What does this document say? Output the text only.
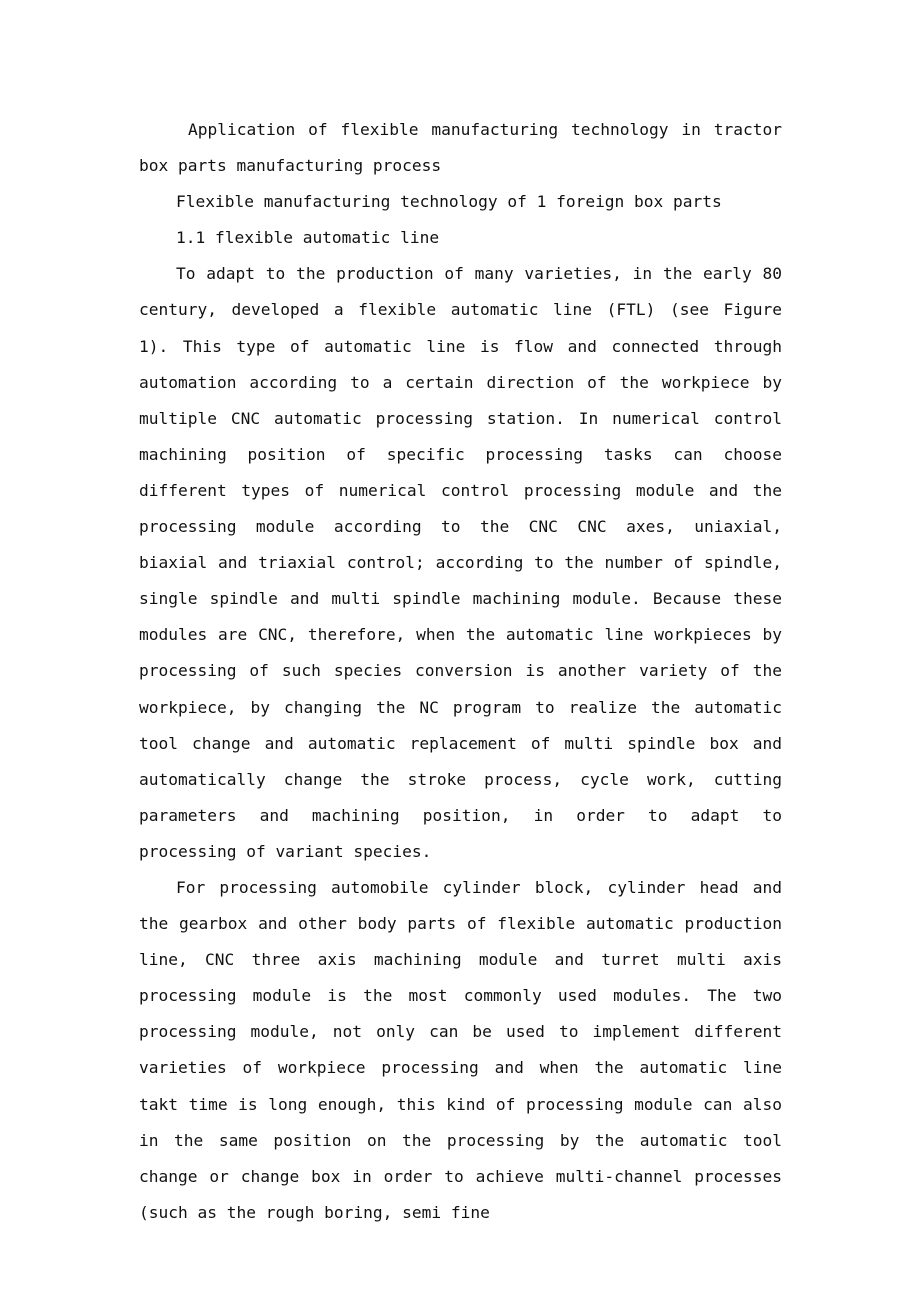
Application of flexible manufacturing technology in tractor box parts manufacturing process

Flexible manufacturing technology of 1 foreign box parts

1.1 flexible automatic line

To adapt to the production of many varieties, in the early 80 century, developed a flexible automatic line (FTL) (see Figure 1). This type of automatic line is flow and connected through automation according to a certain direction of the workpiece by multiple CNC automatic processing station. In numerical control machining position of specific processing tasks can choose different types of numerical control processing module and the processing module according to the CNC CNC axes, uniaxial, biaxial and triaxial control; according to the number of spindle, single spindle and multi spindle machining module. Because these modules are CNC, therefore, when the automatic line workpieces by processing of such species conversion is another variety of the workpiece, by changing the NC program to realize the automatic tool change and automatic replacement of multi spindle box and automatically change the stroke process, cycle work, cutting parameters and machining position, in order to adapt to processing of variant species.

For processing automobile cylinder block, cylinder head and the gearbox and other body parts of flexible automatic production line, CNC three axis machining module and turret multi axis processing module is the most commonly used modules. The two processing module, not only can be used to implement different varieties of workpiece processing and when the automatic line takt time is long enough, this kind of processing module can also in the same position on the processing by the automatic tool change or change box in order to achieve multi-channel processes (such as the rough boring, semi fine
